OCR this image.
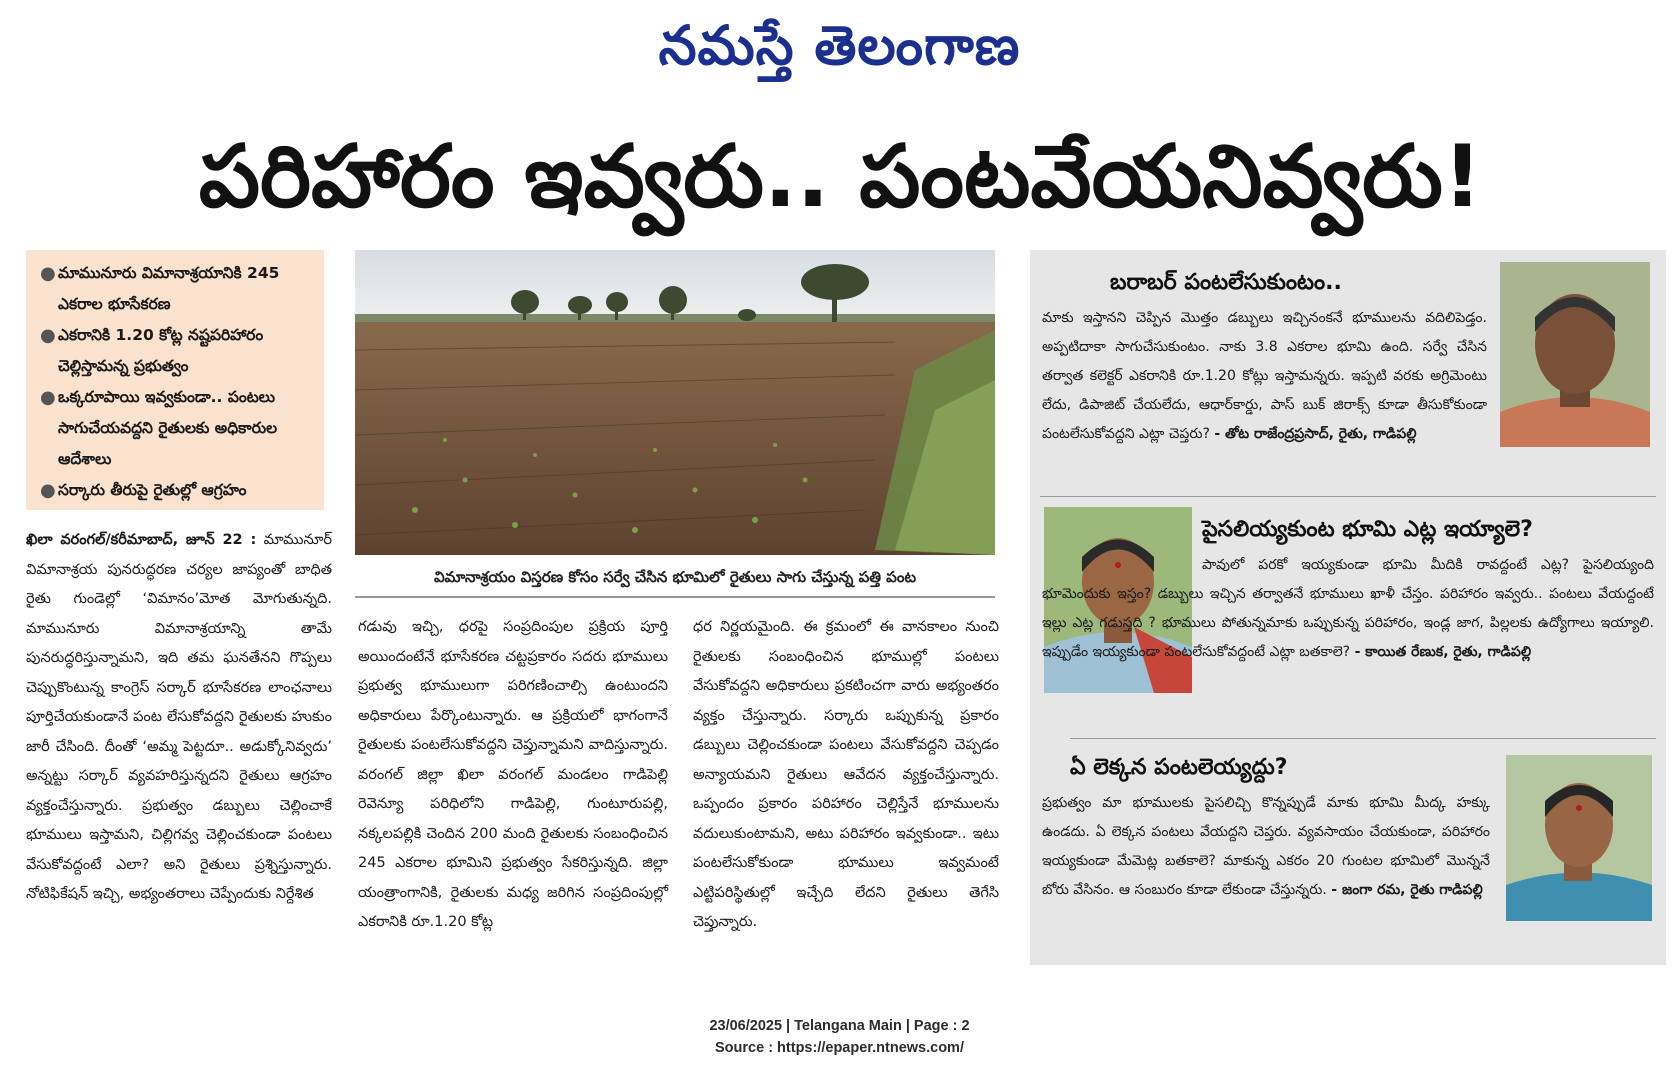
నమస్తే తెలంగాణ
పరిహారం ఇవ్వరు.. పంటవేయనివ్వరు!
● మామునూరు విమానాశ్రయానికి 245 ఎకరాల భూసేకరణ
● ఎకరానికి 1.20 కోట్ల నష్టపరిహారం చెల్లిస్తామన్న ప్రభుత్వం
● ఒక్కరూపాయి ఇవ్వకుండా.. పంటలు సాగుచేయవద్దని రైతులకు అధికారుల ఆదేశాలు
● సర్కారు తీరుపై రైతుల్లో ఆగ్రహం
విమానాశ్రయం విస్తరణ కోసం సర్వే చేసిన భూమిలో రైతులు సాగు చేస్తున్న పత్తి పంట
ఖిలా వరంగల్‌/కరీమాబాద్‌, జూన్‌ 22 : మామునూర్‌ విమానాశ్రయ పునరుద్ధరణ చర్యల జాప్యంతో బాధిత రైతు గుండెల్లో ‘విమానం’మోత మోగుతున్నది. మామునూరు విమానాశ్రయాన్ని తామే పునరుద్ధరిస్తున్నామని, ఇది తమ ఘనతేనని గొప్పలు చెప్పుకొంటున్న కాంగ్రెస్‌ సర్కార్‌ భూసేకరణ లాంఛనాలు పూర్తిచేయకుండానే పంట లేసుకోవద్దని రైతులకు హుకుం జారీ చేసింది. దీంతో ‘అమ్మ పెట్టదూ.. అడుక్కోనివ్వదు’ అన్నట్టు సర్కార్‌ వ్యవహరిస్తున్నదని రైతులు ఆగ్రహం వ్యక్తంచేస్తున్నారు. ప్రభుత్వం డబ్బులు చెల్లించాకే భూములు ఇస్తామని, చిల్లిగవ్వ చెల్లించకుండా పంటలు వేసుకోవద్దంటే ఎలా? అని రైతులు ప్రశ్నిస్తున్నారు. నోటిఫికేషన్‌ ఇచ్చి, అభ్యంతరాలు చెప్పేందుకు నిర్దేశిత
గడువు ఇచ్చి, ధరపై సంప్రదింపుల ప్రక్రియ పూర్తి అయిందంటేనే భూసేకరణ చట్టప్రకారం సదరు భూములు ప్రభుత్వ భూములుగా పరిగణించాల్సి ఉంటుందని అధికారులు పేర్కొంటున్నారు. ఆ ప్రక్రియలో భాగంగానే రైతులకు పంటలేసుకోవద్దని చెప్తున్నామని వాదిస్తున్నారు. వరంగల్‌ జిల్లా ఖిలా వరంగల్‌ మండలం గాడిపెల్లి రెవెన్యూ పరిధిలోని గాడిపెల్లి, గుంటూరుపల్లి, నక్కలపల్లికి చెందిన 200 మంది రైతులకు సంబంధించిన 245 ఎకరాల భూమిని ప్రభుత్వం సేకరిస్తున్నది. జిల్లా యంత్రాంగానికి, రైతులకు మధ్య జరిగిన సంప్రదింపుల్లో ఎకరానికి రూ.1.20 కోట్ల
ధర నిర్ణయమైంది. ఈ క్రమంలో ఈ వానకాలం నుంచి రైతులకు సంబంధించిన భూముల్లో పంటలు వేసుకోవద్దని అధికారులు ప్రకటించగా వారు అభ్యంతరం వ్యక్తం చేస్తున్నారు. సర్కారు ఒప్పుకున్న ప్రకారం డబ్బులు చెల్లించకుండా పంటలు వేసుకోవద్దని చెప్పడం అన్యాయమని రైతులు ఆవేదన వ్యక్తంచేస్తున్నారు. ఒప్పందం ప్రకారం పరిహారం చెల్లిస్తేనే భూములను వదులుకుంటామని, అటు పరిహారం ఇవ్వకుండా.. ఇటు పంటలేసుకోకుండా భూములు ఇవ్వమంటే ఎట్టిపరిస్థితుల్లో ఇచ్చేది లేదని రైతులు తెగేసి చెప్తున్నారు.
బరాబర్‌ పంటలేసుకుంటం..
మాకు ఇస్తానని చెప్పిన మొత్తం డబ్బులు ఇచ్చినంకనే భూములను వదిలిపెడ్తం. అప్పటిదాకా సాగుచేసుకుంటం. నాకు 3.8 ఎకరాల భూమి ఉంది. సర్వే చేసిన తర్వాత కలెక్టర్‌ ఎకరానికి రూ.1.20 కోట్లు ఇస్తామన్నరు. ఇప్పటి వరకు అగ్రిమెంటు లేదు, డిపాజిట్‌ చేయలేదు, ఆధార్‌కార్డు, పాస్‌ బుక్‌ జిరాక్స్‌ కూడా తీసుకోకుండా పంటలేసుకోవద్దని ఎట్లా చెప్తరు? - తోట రాజేంద్రప్రసాద్‌, రైతు, గాడిపల్లి
పైసలియ్యకుంట భూమి ఎట్ల ఇయ్యాలె?
పావులో పరకో ఇయ్యకుండా భూమి మీదికి రావద్దంటే ఎట్ల? పైసలియ్యంది భూమెందుకు ఇస్తం? డబ్బులు ఇచ్చిన తర్వాతనే భూములు ఖాళీ చేస్తం. పరిహారం ఇవ్వరు.. పంటలు వేయద్దంటే ఇల్లు ఎట్ల గడుస్తది ? భూములు పోతున్నమాకు ఒప్పుకున్న పరిహారం, ఇండ్ల జాగ, పిల్లలకు ఉద్యోగాలు ఇయ్యాలి. ఇప్పుడేం ఇయ్యకుండా పంటలేసుకోవద్దంటే ఎట్లా బతకాలె? - కాయిత రేణుక, రైతు, గాడిపల్లి
ఏ లెక్కన పంటలెయ్యద్దు?
ప్రభుత్వం మా భూములకు పైసలిచ్చి కొన్నప్పుడే మాకు భూమి మీద్క హక్కు ఉండదు. ఏ లెక్కన పంటలు వేయద్దని చెప్తరు. వ్యవసాయం చేయకుండా, పరిహారం ఇయ్యకుండా మేమెట్ల బతకాలె? మాకున్న ఎకరం 20 గుంటల భూమిలో మొన్ననే బోరు వేసినం. ఆ సంబురం కూడా లేకుండా చేస్తున్నరు. - జంగా రమ, రైతు గాడిపల్లి
23/06/2025 | Telangana Main | Page : 2
Source : https://epaper.ntnews.com/
